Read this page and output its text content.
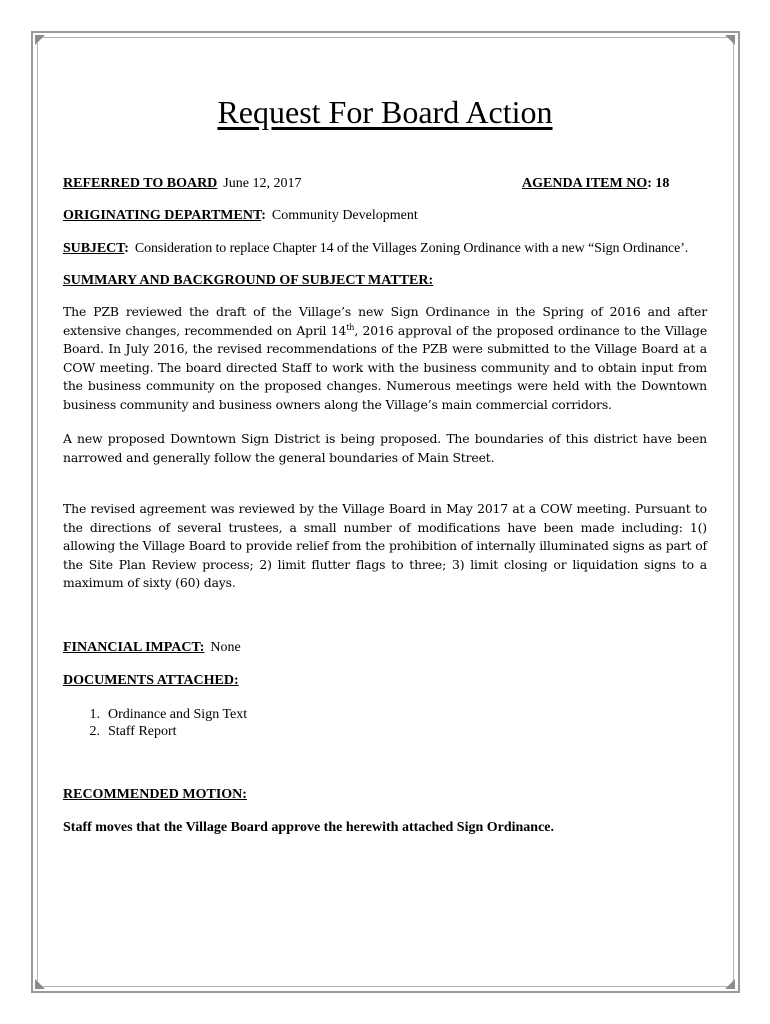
Request For Board Action
REFERRED TO BOARD June 12, 2017	AGENDA ITEM NO: 18
ORIGINATING DEPARTMENT: Community Development
SUBJECT: Consideration to replace Chapter 14 of the Villages Zoning Ordinance with a new “Sign Ordinance’.
SUMMARY AND BACKGROUND OF SUBJECT MATTER:

The PZB reviewed the draft of the Village’s new Sign Ordinance in the Spring of 2016 and after extensive changes, recommended on April 14th, 2016 approval of the proposed ordinance to the Village Board. In July 2016, the revised recommendations of the PZB were submitted to the Village Board at a COW meeting. The board directed Staff to work with the business community and to obtain input from the business community on the proposed changes. Numerous meetings were held with the Downtown business community and business owners along the Village’s main commercial corridors.

A new proposed Downtown Sign District is being proposed. The boundaries of this district have been narrowed and generally follow the general boundaries of Main Street.

The revised agreement was reviewed by the Village Board in May 2017 at a COW meeting. Pursuant to the directions of several trustees, a small number of modifications have been made including: 1() allowing the Village Board to provide relief from the prohibition of internally illuminated signs as part of the Site Plan Review process; 2) limit flutter flags to three; 3) limit closing or liquidation signs to a maximum of sixty (60) days.

FINANCIAL IMPACT: None
DOCUMENTS ATTACHED:
1. Ordinance and Sign Text
2. Staff Report
RECOMMENDED MOTION:
Staff moves that the Village Board approve the herewith attached Sign Ordinance.
